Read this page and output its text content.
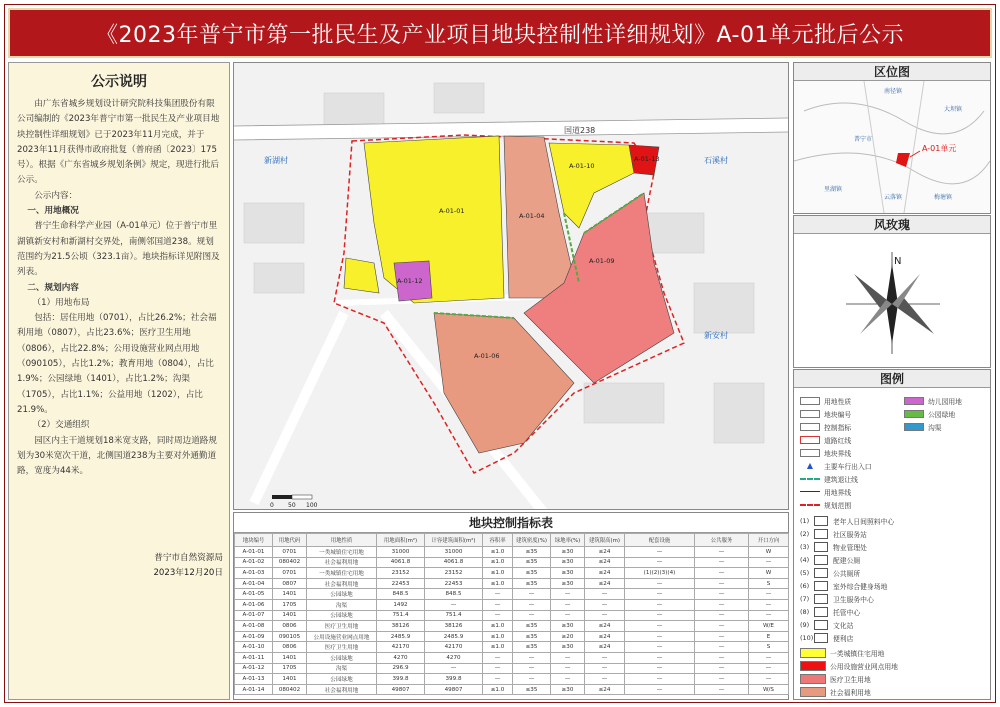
《2023年普宁市第一批民生及产业项目地块控制性详细规划》A-01单元批后公示
公示说明
由广东省城乡规划设计研究院科技集团股份有限公司编制的《2023年普宁市第一批民生及产业项目地块控制性详细规划》已于2023年11月完成，并于2023年11月获得市政府批复（普府函〔2023〕175号）。根据《广东省城乡规划条例》规定，现进行批后公示。
公示内容：
一、用地概况
普宁生命科学产业园（A-01单元）位于普宁市里湖镇新安村和新湖村交界处，南侧邻国道238。规划范围约为21.5公顷（323.1亩）。地块指标详见附图及列表。
二、规划内容
（1）用地布局
包括：居住用地（0701），占比26.2%；社会福利用地（0807），占比23.6%；医疗卫生用地（0806），占比22.8%；公用设施营业网点用地（090105），占比1.2%；教育用地（0804），占比1.9%；公园绿地（1401），占比1.2%；沟渠（1705），占比1.1%；公益用地（1202），占比21.9%。
（2）交通组织
园区内主干道规划18米宽支路，同时周边道路规划为30米宽次干道，北侧国道238为主要对外通勤道路，宽度为44米。
普宁市自然资源局
2023年12月20日
国道238
A-01-01
A-01-04
A-01-10
A-01-09
A-01-06
A-01-12
A-01-13
新安村
新湖村	石溪村
0 50 100
区位图
A-01单元
南径镇
里湖镇
梅塘镇
普宁市
大坝镇
云落镇
风玫瑰
N
图例
用地性质
地块编号
控制指标
道路红线
地块界线
▲	主要车行出入口
建筑退让线
用地界线
规划范围
幼儿园用地
公园绿地
沟渠
(1)	老年人日间照料中心
(2)	社区服务站
(3)	物业管理处
(4)	配建公厕
(5)	公共厕所
(6)	室外综合健身场地
(7)	卫生服务中心
(8)	托管中心
(9)	文化站
(10)	便利店
一类城镇住宅用地
公用设施营业网点用地
医疗卫生用地
社会福利用地
地块控制指标表
地块编号	用地代码	用地性质	用地面积(m²)	计容建筑面积(m²)	容积率	建筑密度(%)	绿地率(%)	建筑限高(m)	配套设施	公共服务	开口方向
A-01-01	0701	一类城镇住宅用地	31000	31000	≤1.0	≤35	≥30	≤24	—	—	W
A-01-02	080402	社会福利用地	4061.8	4061.8	≤1.0	≤35	≥30	≤24	—	—	—
A-01-03	0701	一类城镇住宅用地	23152	23152	≤1.0	≤35	≥30	≤24	(1)(2)(3)(4)	—	W
A-01-04	0807	社会福利用地	22453	22453	≤1.0	≤35	≥30	≤24	—	—	S
A-01-05	1401	公园绿地	848.5	848.5	—	—	—	—	—	—	—
A-01-06	1705	沟渠	1492	—	—	—	—	—	—	—	—
A-01-07	1401	公园绿地	751.4	751.4	—	—	—	—	—	—	—
A-01-08	0806	医疗卫生用地	38126	38126	≤1.0	≤35	≥30	≤24	—	—	W/E
A-01-09	090105	公用设施营业网点用地	2485.9	2485.9	≤1.0	≤35	≥20	≤24	—	—	E
A-01-10	0806	医疗卫生用地	42170	42170	≤1.0	≤35	≥30	≤24	—	—	S
A-01-11	1401	公园绿地	4270	4270	—	—	—	—	—	—	—
A-01-12	1705	沟渠	296.9	—	—	—	—	—	—	—	—
A-01-13	1401	公园绿地	399.8	399.8	—	—	—	—	—	—	—
A-01-14	080402	社会福利用地	49807	49807	≤1.0	≤35	≥30	≤24	—	—	W/S
